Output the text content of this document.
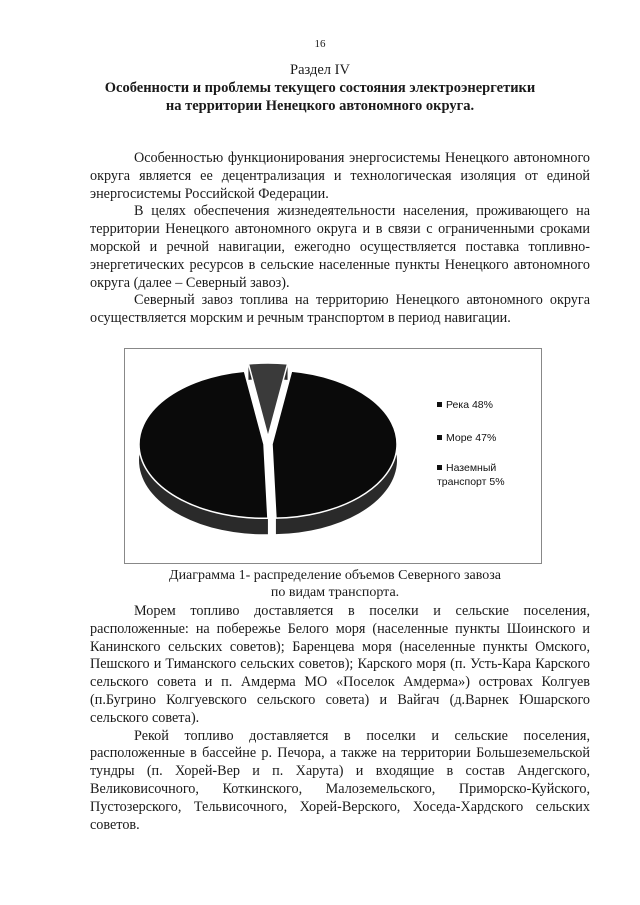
16
Раздел IV
Особенности и проблемы текущего состояния электроэнергетики на территории Ненецкого автономного округа.

Особенностью функционирования энергосистемы Ненецкого автономного округа является ее децентрализация и технологическая изоляция от единой энергосистемы Российской Федерации.

В целях обеспечения жизнедеятельности населения, проживающего на территории Ненецкого автономного округа и в связи с ограниченными сроками морской и речной навигации, ежегодно осуществляется поставка топливно-энергетических ресурсов в сельские населенные пункты Ненецкого автономного округа (далее – Северный завоз).

Северный завоз топлива на территорию Ненецкого автономного округа осуществляется морским и речным транспортом в период навигации.

Река 48%
Море 47%
Наземный транспорт 5%
Диаграмма 1- распределение объемов Северного завоза
по видам транспорта.

Морем топливо доставляется в поселки и сельские поселения, расположенные: на побережье Белого моря (населенные пункты Шоинского и Канинского сельских советов); Баренцева моря (населенные пункты Омского, Пешского и Тиманского сельских советов); Карского моря (п. Усть-Кара Карского сельского совета и п. Амдерма МО «Поселок Амдерма») островах Колгуев (п.Бугрино Колгуевского сельского совета) и Вайгач (д.Варнек Юшарского сельского совета).

Рекой топливо доставляется в поселки и сельские поселения, расположенные в бассейне р. Печора, а также на территории Большеземельской тундры (п. Хорей-Вер и п. Харута) и входящие в состав Андегского, Великовисочного, Коткинского, Малоземельского, Приморско-Куйского, Пустозерского, Тельвисочного, Хорей-Верского, Хоседа-Хардского сельских советов.
